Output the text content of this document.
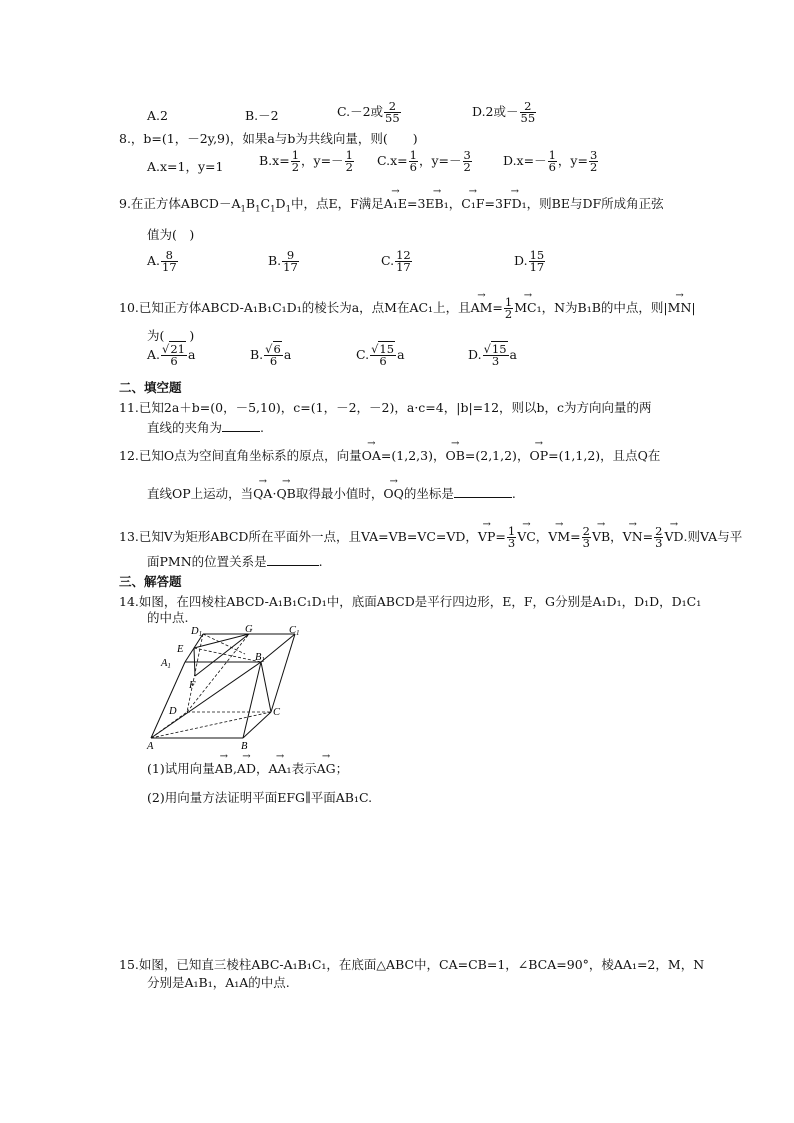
A.2	B.－2	C.－2或 $\frac{2}{55}$	D.2或－ $\frac{2}{55}$
8.，b=(1，－2y,9)，如果a与b为共线向量，则(　　)
A.x=1，y=1	$B.x= \frac{1}{2}$ ，$y=- \frac{1}{2} C.x= \frac{1}{6}$ ，$y=- \frac{3}{2} D.x=- \frac{1}{6}$ ，$y= \frac{3}{2}$
9.在正方体$ABCD-A_1B_1C_1D_1$中，点E，F满足→ A₁E=3→ EB₁，→ C₁F=3→ FD₁，则BE与DF所成角正弦
值为(　)
A. $\frac{8}{17}$	B. $\frac{9}{17}$	C. $\frac{12}{17}$	D. $\frac{15}{17}$
10.已知正方体ABCD-A₁B₁C₁D₁的棱长为a，点M在AC₁上，且→ $AM= \frac{1}{2} \to MC_1$，N为B₁B的中点，则|→ MN|
为(　　)
A. $\frac{√21}{6}$ a	B. $\frac{√6}{6}$ a	C. $\frac{√15}{6}$ a	D. $\frac{√15}{3}$ a
二、填空题
11.已知2a＋b=(0，－5,10)，c=(1，－2，－2)，a·c=4，|b|=12，则以b，c为方向向量的两
直线的夹角为	.
12.已知O点为空间直角坐标系的原点，向量→ OA=(1,2,3)，→ OB=(2,1,2)，→ OP=(1,1,2)，且点Q在
直线OP上运动，当→ QA·→ QB取得最小值时，→ OQ的坐标是	.
13.已知V为矩形ABCD所在平面外一点，且VA=VB=VC=VD，→ $VP= \frac{1}{3}$ → VC，→ $VM= \frac{2}{3}$ → VB，→ $VN= \frac{2}{3}$ → VD.则VA与平
面PMN的位置关系是	.
三、解答题
14.如图，在四棱柱ABCD-A₁B₁C₁D₁中，底面ABCD是平行四边形，E，F，G分别是A₁D₁，D₁D，D₁C₁
的中点.
D1	G	C1
E
A1
B1
F
D	C
A	B
(1)试用向量→ AB,→ AD，→ AA₁表示→ AG；
(2)用向量方法证明平面EFG∥平面AB₁C.
15.如图，已知直三棱柱ABC-A₁B₁C₁，在底面△ABC中，CA=CB=1，∠BCA=90°，棱AA₁=2，M，N
分别是A₁B₁，A₁A的中点.
